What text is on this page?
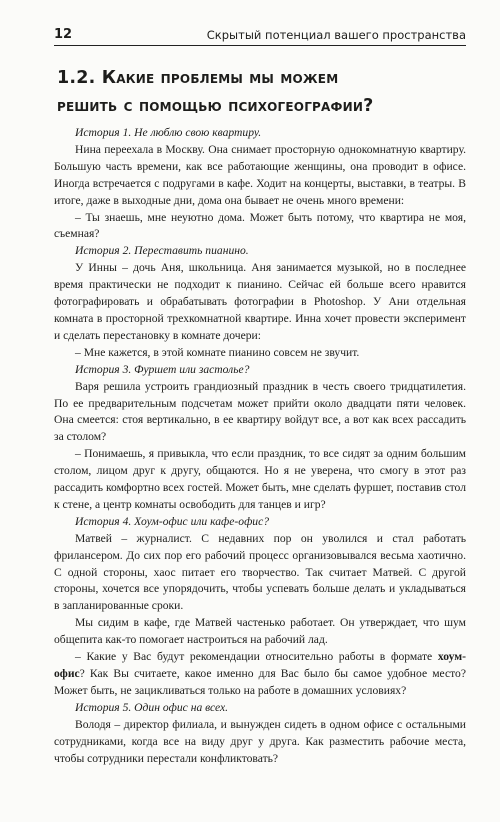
12	Скрытый потенциал вашего пространства
1.2. Какие проблемы мы можем
решить с помощью психогеографии?

История 1. Не люблю свою квартиру.

Нина переехала в Москву. Она снимает просторную однокомнатную квартиру. Большую часть времени, как все работающие женщины, она проводит в офисе. Иногда встречается с подругами в кафе. Ходит на концерты, выставки, в театры. В итоге, даже в выходные дни, дома она бывает не очень много времени:

– Ты знаешь, мне неуютно дома. Может быть потому, что квартира не моя, съемная?

История 2. Переставить пианино.

У Инны – дочь Аня, школьница. Аня занимается музыкой, но в последнее время практически не подходит к пианино. Сейчас ей больше всего нравится фотографировать и обрабатывать фотографии в Photoshop. У Ани отдельная комната в просторной трехкомнатной квартире. Инна хочет провести эксперимент и сделать перестановку в комнате дочери:

– Мне кажется, в этой комнате пианино совсем не звучит.

История 3. Фуршет или застолье?

Варя решила устроить грандиозный праздник в честь своего тридцатилетия. По ее предварительным подсчетам может прийти около двадцати пяти человек. Она смеется: стоя вертикально, в ее квартиру войдут все, а вот как всех рассадить за столом?

– Понимаешь, я привыкла, что если праздник, то все сидят за одним большим столом, лицом друг к другу, общаются. Но я не уверена, что смогу в этот раз рассадить комфортно всех гостей. Может быть, мне сделать фуршет, поставив стол к стене, а центр комнаты освободить для танцев и игр?

История 4. Хоум-офис или кафе-офис?

Матвей – журналист. С недавних пор он уволился и стал работать фрилансером. До сих пор его рабочий процесс организовывался весьма хаотично. С одной стороны, хаос питает его творчество. Так считает Матвей. С другой стороны, хочется все упорядочить, чтобы успевать больше делать и укладываться в запланированные сроки.

Мы сидим в кафе, где Матвей частенько работает. Он утверждает, что шум общепита как-то помогает настроиться на рабочий лад.

– Какие у Вас будут рекомендации относительно работы в формате хоум-офис? Как Вы считаете, какое именно для Вас было бы самое удобное место? Может быть, не зацикливаться только на работе в домашних условиях?

История 5. Один офис на всех.

Володя – директор филиала, и вынужден сидеть в одном офисе с остальными сотрудниками, когда все на виду друг у друга. Как разместить рабочие места, чтобы сотрудники перестали конфликтовать?
